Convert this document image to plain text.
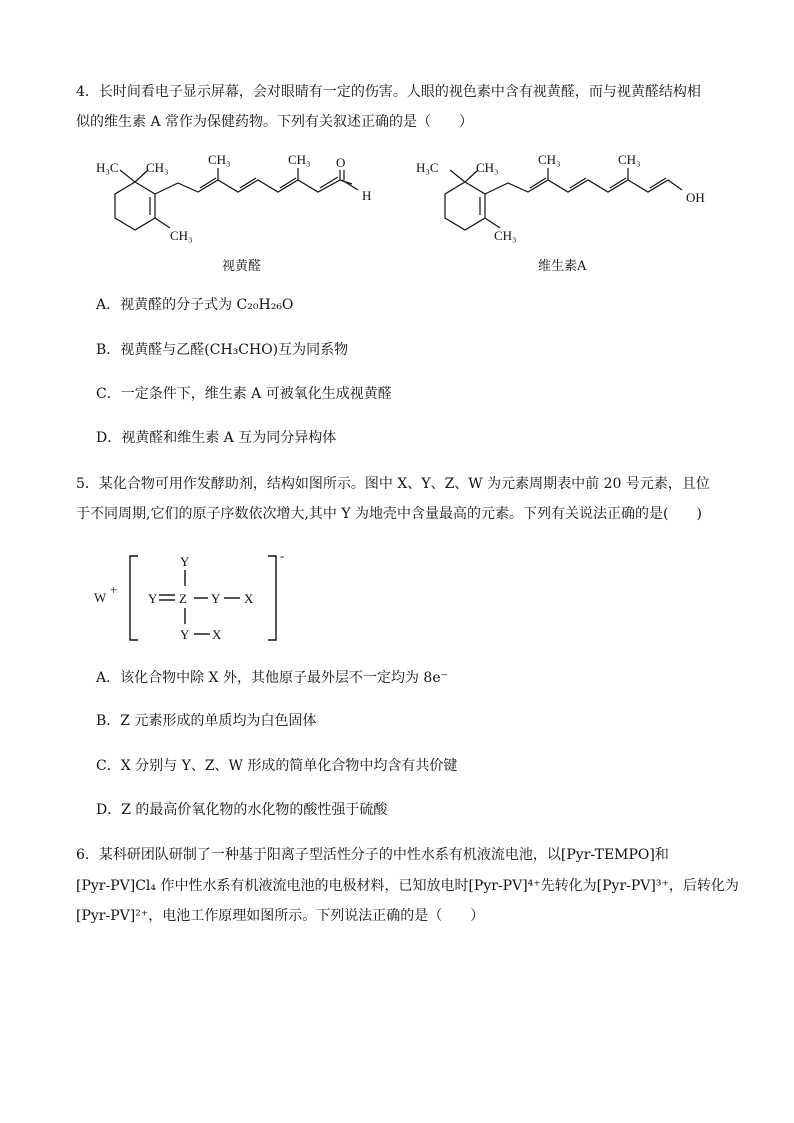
4．长时间看电子显示屏幕，会对眼睛有一定的伤害。人眼的视色素中含有视黄醛，而与视黄醛结构相
似的维生素 A 常作为保健药物。下列有关叙述正确的是（　　）
H₃C CH₃
CH₃	CH₃
CH₃
O
H
H₃C	CH₃
CH₃	CH₃
CH₃
OH
视黄醛	维生素A
A．视黄醛的分子式为 C₂₀H₂₆O
B．视黄醛与乙醛(CH₃CHO)互为同系物
C．一定条件下，维生素 A 可被氧化生成视黄醛
D．视黄醛和维生素 A 互为同分异构体
5．某化合物可用作发酵助剂，结构如图所示。图中 X、Y、Z、W 为元素周期表中前 20 号元素，且位
于不同周期,它们的原子序数依次增大,其中 Y 为地壳中含量最高的元素。下列有关说法正确的是(　　)
W
+
-
Y
Y Z Y X
Y X
A．该化合物中除 X 外，其他原子最外层不一定均为 8e⁻
B．Z 元素形成的单质均为白色固体
C．X 分别与 Y、Z、W 形成的简单化合物中均含有共价键
D．Z 的最高价氧化物的水化物的酸性强于硫酸
6．某科研团队研制了一种基于阳离子型活性分子的中性水系有机液流电池，以[Pyr-TEMPO]和
[Pyr-PV]Cl₄ 作中性水系有机液流电池的电极材料，已知放电时[Pyr-PV]⁴⁺先转化为[Pyr-PV]³⁺，后转化为
[Pyr-PV]²⁺，电池工作原理如图所示。下列说法正确的是（　　）
